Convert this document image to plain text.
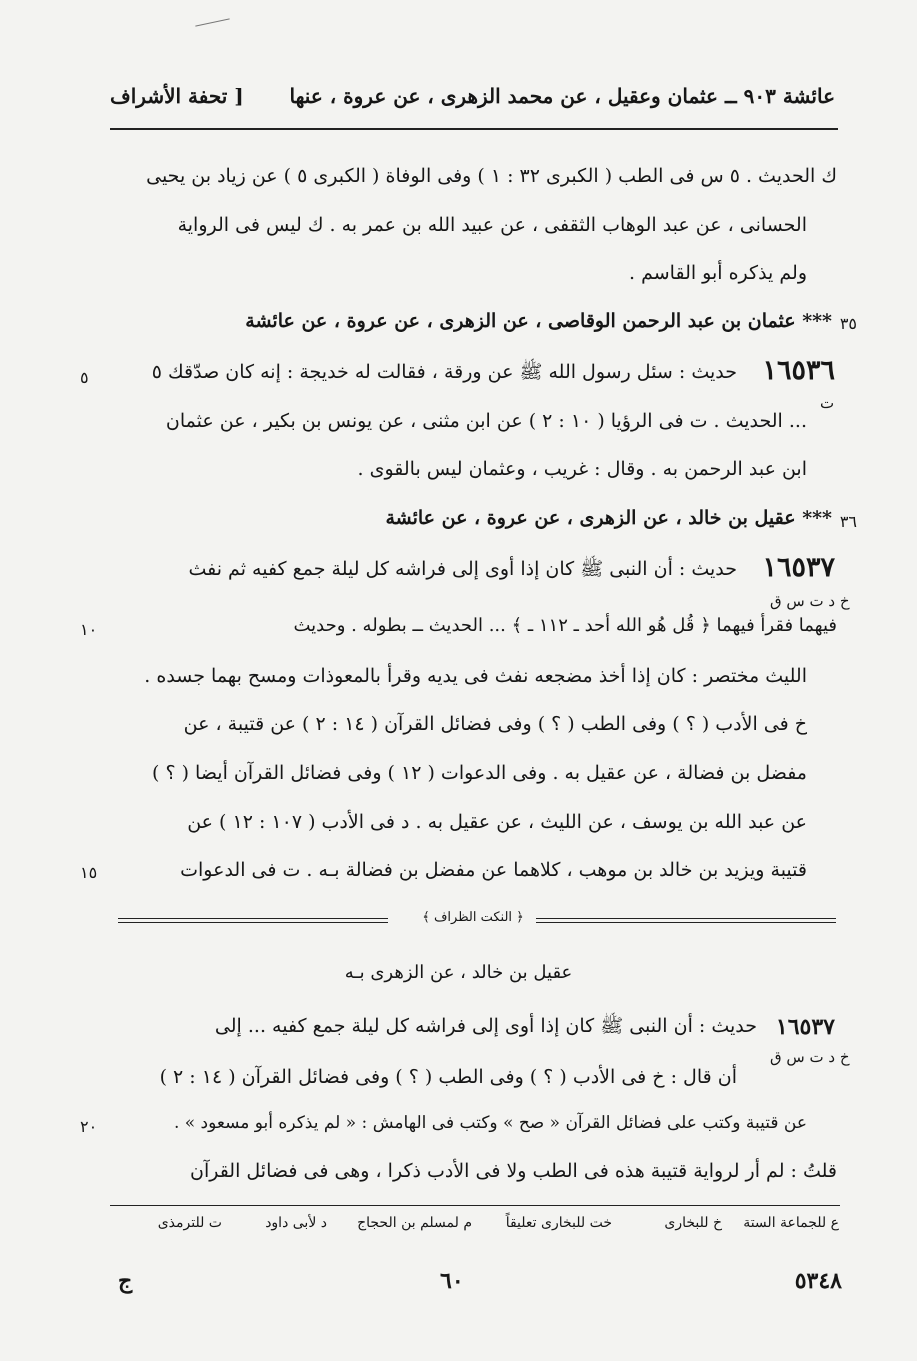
عائشة ٩٠٣ ــ عثمان وعقيل ، عن محمد الزهرى ، عن عروة ، عنها
[ تحفة الأشراف
ك الحديث . ٥ س فى الطب ( الكبرى ٣٢ : ١ ) وفى الوفاة ( الكبرى ٥ ) عن زياد بن يحيى
الحسانى ، عن عبد الوهاب الثقفى ، عن عبيد الله بن عمر به . ك ليس فى الرواية
ولم يذكره أبو القاسم .
٣٥
*** عثمان بن عبد الرحمن الوقاصى ، عن الزهرى ، عن عروة ، عن عائشة
١٦٥٣٦
حديث : سئل رسول الله ﷺ عن ورقة ، فقالت له خديجة : إنه كان صدّقك ٥
ت
... الحديث . ت فى الرؤيا ( ١٠ : ٢ ) عن ابن مثنى ، عن يونس بن بكير ، عن عثمان
ابن عبد الرحمن به . وقال : غريب ، وعثمان ليس بالقوى .
٣٦
*** عقيل بن خالد ، عن الزهرى ، عن عروة ، عن عائشة
١٦٥٣٧
حديث : أن النبى ﷺ كان إذا أوى إلى فراشه كل ليلة جمع كفيه ثم نفث
خ د ت س ق
فيهما فقرأ فيهما ﴿ قُل هُو الله أحد ـ ١١٢ ـ ﴾ ... الحديث ــ بطوله . وحديث
١٠
الليث مختصر : كان إذا أخذ مضجعه نفث فى يديه وقرأ بالمعوذات ومسح بهما جسده .
خ فى الأدب ( ؟ ) وفى الطب ( ؟ ) وفى فضائل القرآن ( ١٤ : ٢ ) عن قتيبة ، عن
مفضل بن فضالة ، عن عقيل به . وفى الدعوات ( ١٢ ) وفى فضائل القرآن أيضا ( ؟ )
عن عبد الله بن يوسف ، عن الليث ، عن عقيل به . د فى الأدب ( ١٠٧ : ١٢ ) عن
قتيبة ويزيد بن خالد بن موهب ، كلاهما عن مفضل بن فضالة بـه . ت فى الدعوات
١٥
٥
﴿ النكت الظراف ﴾
عقيل بن خالد ، عن الزهرى بـه
١٦٥٣٧
حديث : أن النبى ﷺ كان إذا أوى إلى فراشه كل ليلة جمع كفيه ... إلى
خ د ت س ق
أن قال : خ فى الأدب ( ؟ ) وفى الطب ( ؟ ) وفى فضائل القرآن ( ١٤ : ٢ )
عن قتيبة وكتب على فضائل القرآن « صح » وكتب فى الهامش : « لم يذكره أبو مسعود » .
٢٠
قلتُ : لم أر لرواية قتيبة هذه فى الطب ولا فى الأدب ذكرا ، وهى فى فضائل القرآن
ع للجماعة الستة
خ للبخارى
خت للبخارى تعليقاً
م لمسلم بن الحجاج
د لأبى داود
ت للترمذى
٥٣٤٨
٦٠
ج
